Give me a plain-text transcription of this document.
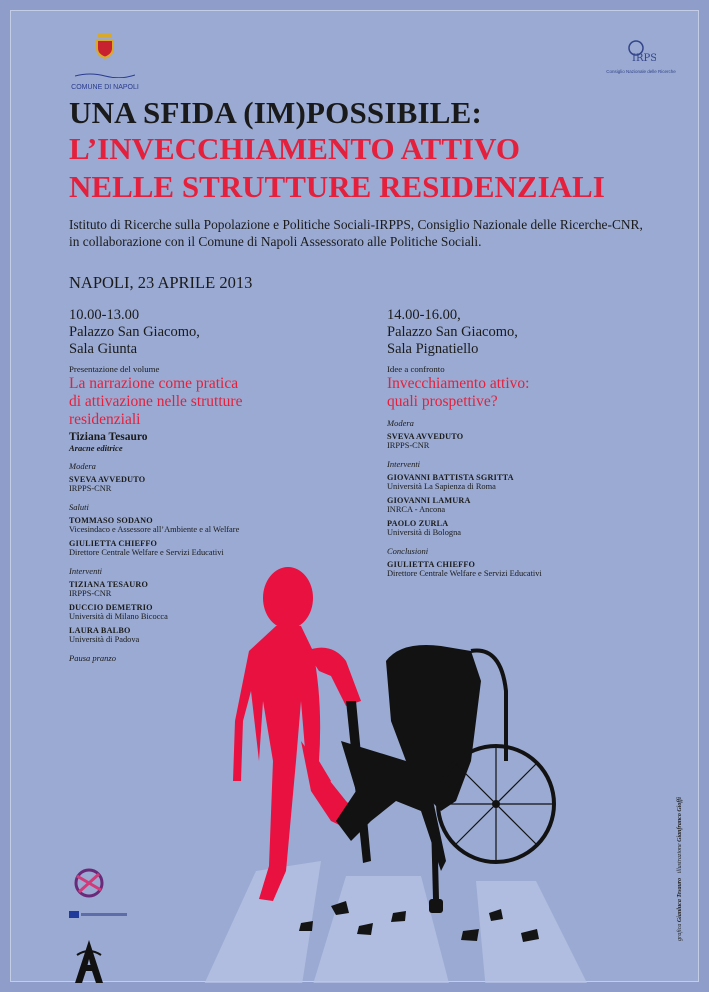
COMUNE DI NAPOLI
IRPS
Consiglio Nazionale delle Ricerche
UNA SFIDA (IM)POSSIBILE:
L’INVECCHIAMENTO ATTIVO
NELLE STRUTTURE RESIDENZIALI
Istituto di Ricerche sulla Popolazione e Politiche Sociali-IRPPS, Consiglio Nazionale delle Ricerche-CNR,
in collaborazione con il Comune di Napoli Assessorato alle Politiche Sociali.
NAPOLI, 23 APRILE 2013
10.00-13.00
Palazzo San Giacomo,
Sala Giunta
Presentazione del volume
La narrazione come pratica
di attivazione nelle strutture
residenziali
Tiziana Tesauro
Aracne editrice
Modera
SVEVA AVVEDUTO
IRPPS-CNR
Saluti
TOMMASO SODANO
Vicesindaco e Assessore all’Ambiente e al Welfare
GIULIETTA CHIEFFO
Direttore Centrale Welfare e Servizi Educativi
Interventi
TIZIANA TESAURO
IRPPS-CNR
DUCCIO DEMETRIO
Università di Milano Bicocca
LAURA BALBO
Università di Padova
Pausa pranzo
14.00-16.00,
Palazzo San Giacomo,
Sala Pignatiello
Idee a confronto
Invecchiamento attivo:
quali prospettive?
Modera
SVEVA AVVEDUTO
IRPPS-CNR
Interventi
GIOVANNI BATTISTA SGRITTA
Università La Sapienza di Roma
GIOVANNI LAMURA
INRCA - Ancona
PAOLO ZURLA
Università di Bologna
Conclusioni
GIULIETTA CHIEFFO
Direttore Centrale Welfare e Servizi Educativi

grafica Gianluca Tesauro   illustrazione Gianfranco Gioffi
